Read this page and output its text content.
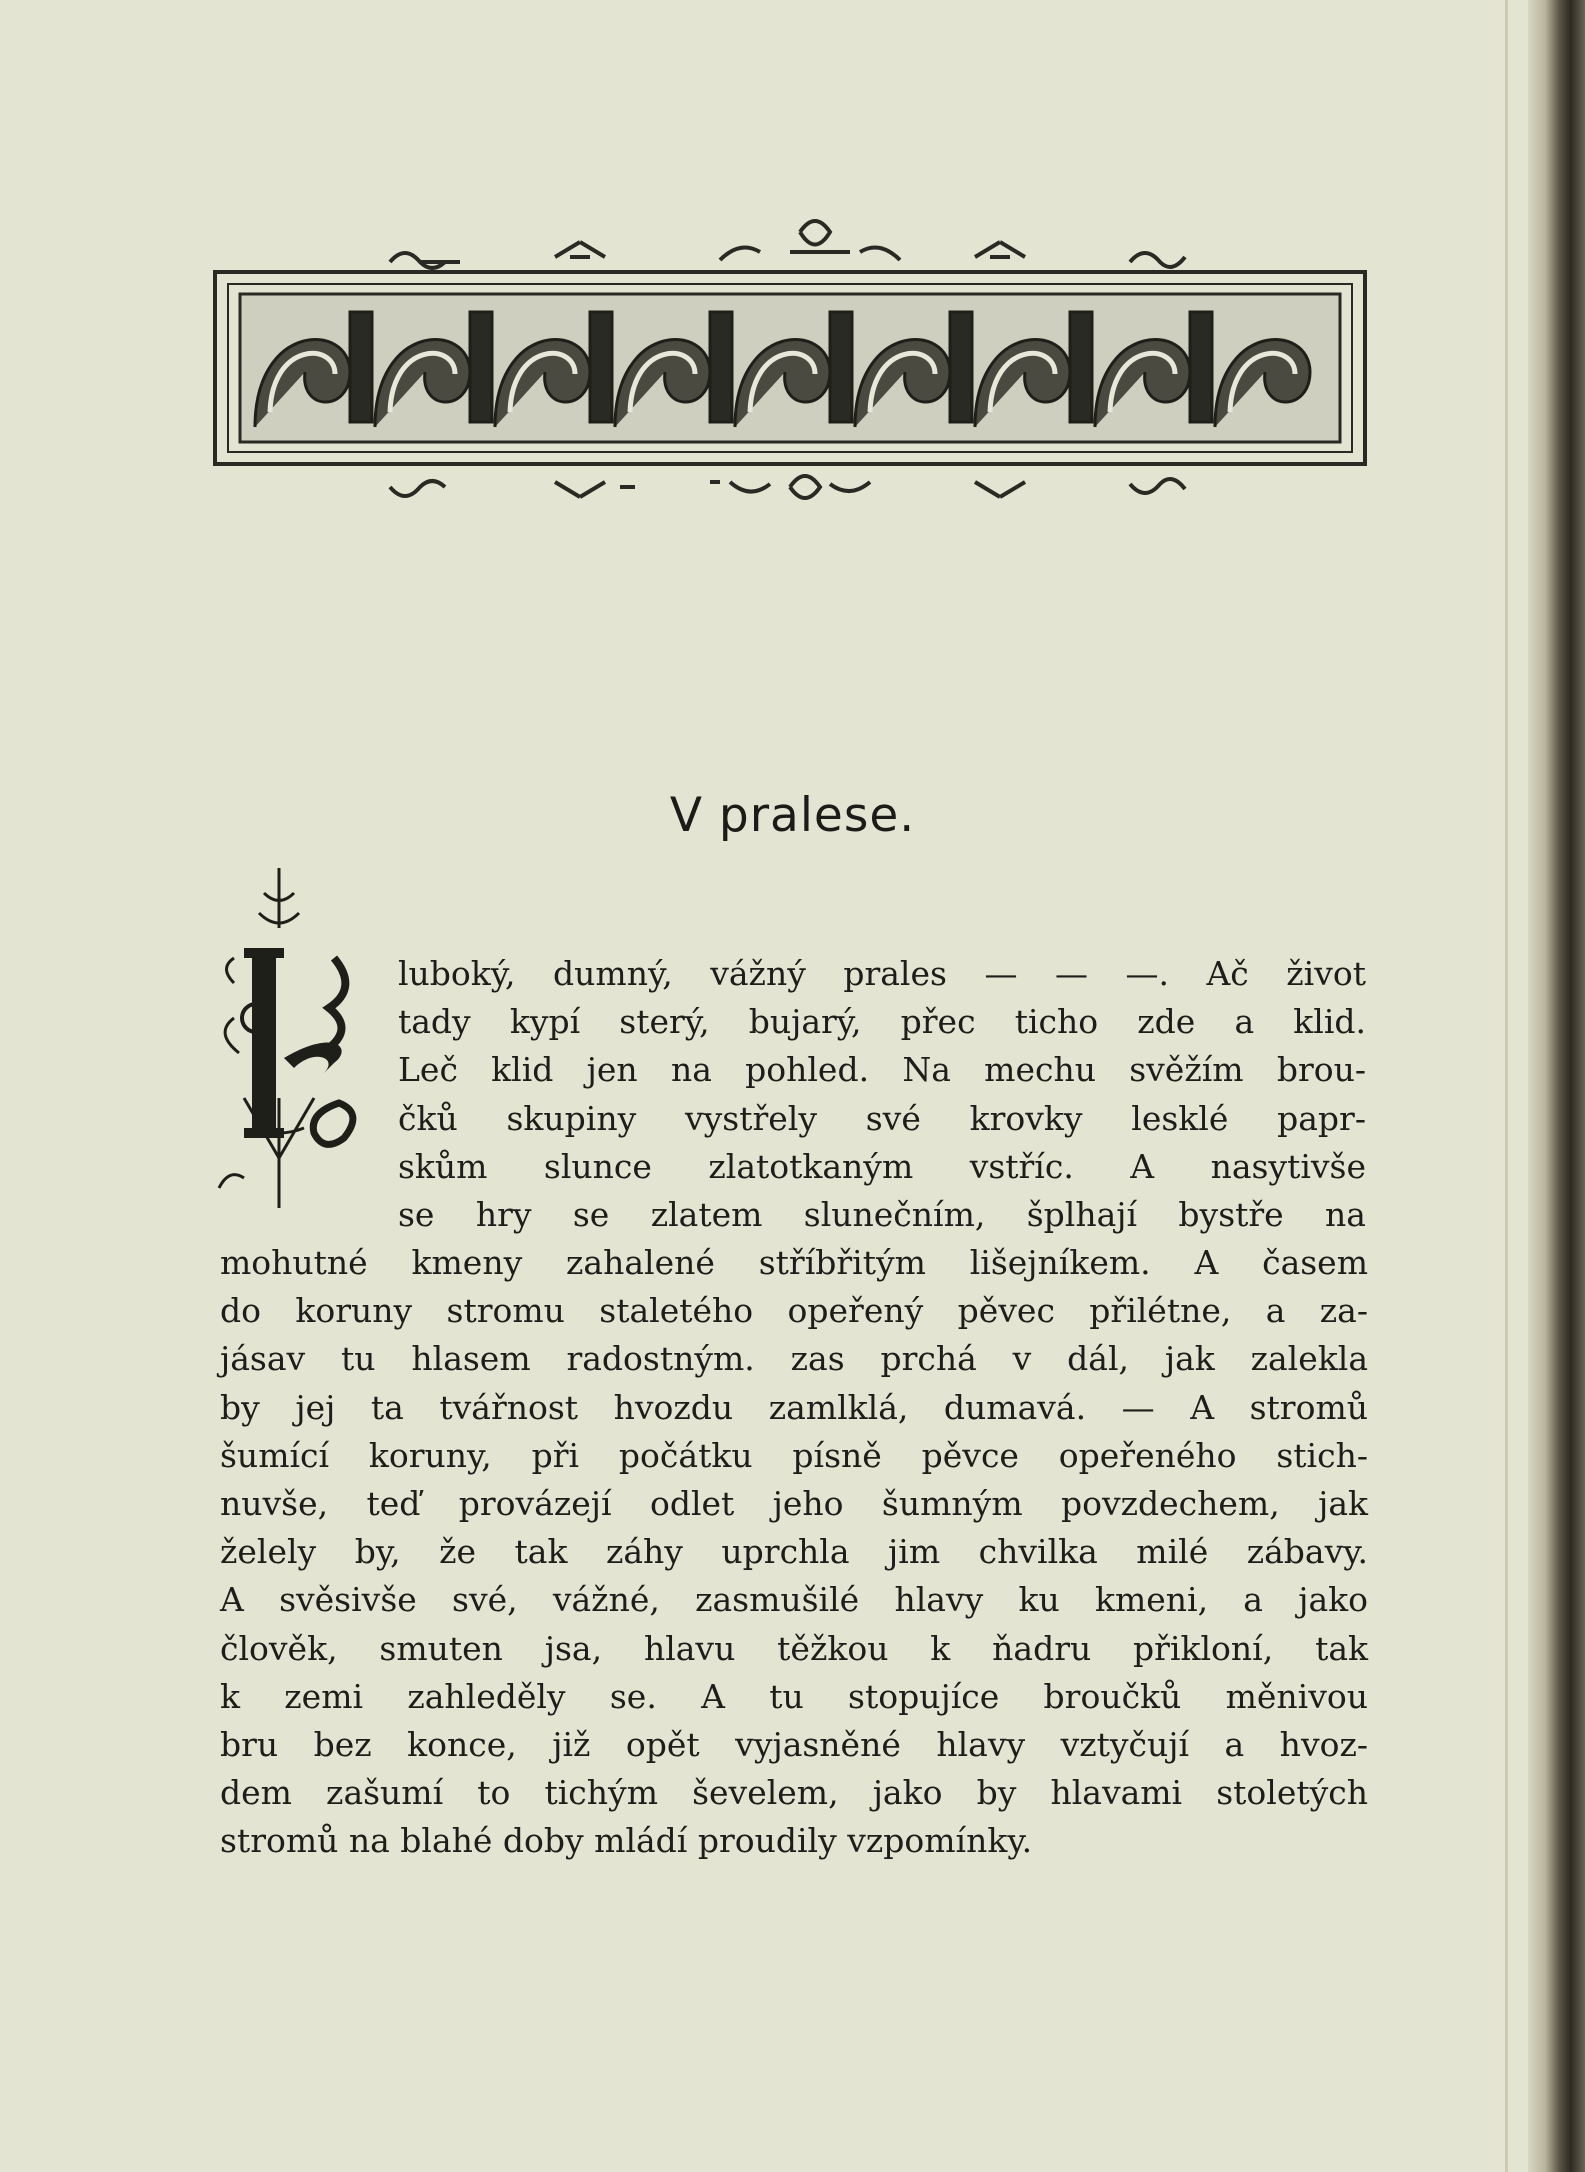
V pralese.
luboký, dumný, vážný prales — — —. Ač život
tady kypí sterý, bujarý, přec ticho zde a klid.
Leč klid jen na pohled. Na mechu svěžím brou-
čků skupiny vystřely své krovky lesklé papr-
skům slunce zlatotkaným vstříc. A nasytivše
se hry se zlatem slunečním, šplhají bystře na
mohutné kmeny zahalené stříbřitým lišejníkem. A časem
do koruny stromu staletého opeřený pěvec přilétne, a za-
jásav tu hlasem radostným. zas prchá v dál, jak zalekla
by jej ta tvářnost hvozdu zamlklá, dumavá. — A stromů
šumící koruny, při počátku písně pěvce opeřeného stich-
nuvše, teď provázejí odlet jeho šumným povzdechem, jak
želely by, že tak záhy uprchla jim chvilka milé zábavy.
A svěsivše své, vážné, zasmušilé hlavy ku kmeni, a jako
člověk, smuten jsa, hlavu těžkou k ňadru přikloní, tak
k zemi zahleděly se. A tu stopujíce broučků měnivou
bru bez konce, již opět vyjasněné hlavy vztyčují a hvoz-
dem zašumí to tichým ševelem, jako by hlavami stoletých
stromů na blahé doby mládí proudily vzpomínky.
